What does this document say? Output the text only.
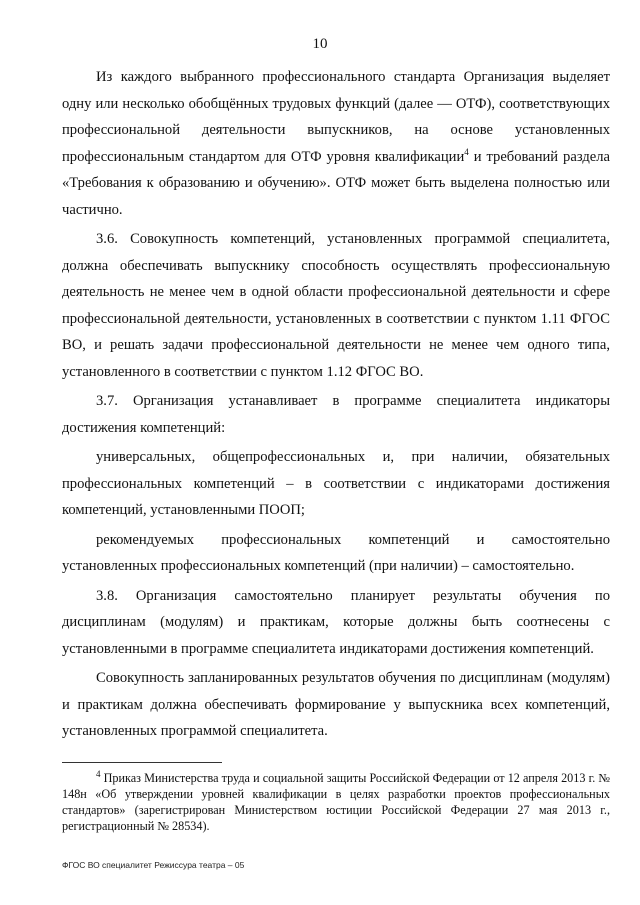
10

Из каждого выбранного профессионального стандарта Организация выделяет одну или несколько обобщённых трудовых функций (далее — ОТФ), соответствующих профессиональной деятельности выпускников, на основе установленных профессиональным стандартом для ОТФ уровня квалификации$^4$ и требований раздела «Требования к образованию и обучению». ОТФ может быть выделена полностью или частично.

3.6. Совокупность компетенций, установленных программой специалитета, должна обеспечивать выпускнику способность осуществлять профессиональную деятельность не менее чем в одной области профессиональной деятельности и сфере профессиональной деятельности, установленных в соответствии с пунктом 1.11 ФГОС ВО, и решать задачи профессиональной деятельности не менее чем одного типа, установленного в соответствии с пунктом 1.12 ФГОС ВО.

3.7. Организация устанавливает в программе специалитета индикаторы достижения компетенций:

универсальных, общепрофессиональных и, при наличии, обязательных профессиональных компетенций – в соответствии с индикаторами достижения компетенций, установленными ПООП;

рекомендуемых профессиональных компетенций и самостоятельно установленных профессиональных компетенций (при наличии) – самостоятельно.

3.8. Организация самостоятельно планирует результаты обучения по дисциплинам (модулям) и практикам, которые должны быть соотнесены с установленными в программе специалитета индикаторами достижения компетенций.

Совокупность запланированных результатов обучения по дисциплинам (модулям) и практикам должна обеспечивать формирование у выпускника всех компетенций, установленных программой специалитета.

$^4$ Приказ Министерства труда и социальной защиты Российской Федерации от 12 апреля 2013 г. № 148н «Об утверждении уровней квалификации в целях разработки проектов профессиональных стандартов» (зарегистрирован Министерством юстиции Российской Федерации 27 мая 2013 г., регистрационный № 28534).
ФГОС ВО специалитет Режиссура театра – 05
